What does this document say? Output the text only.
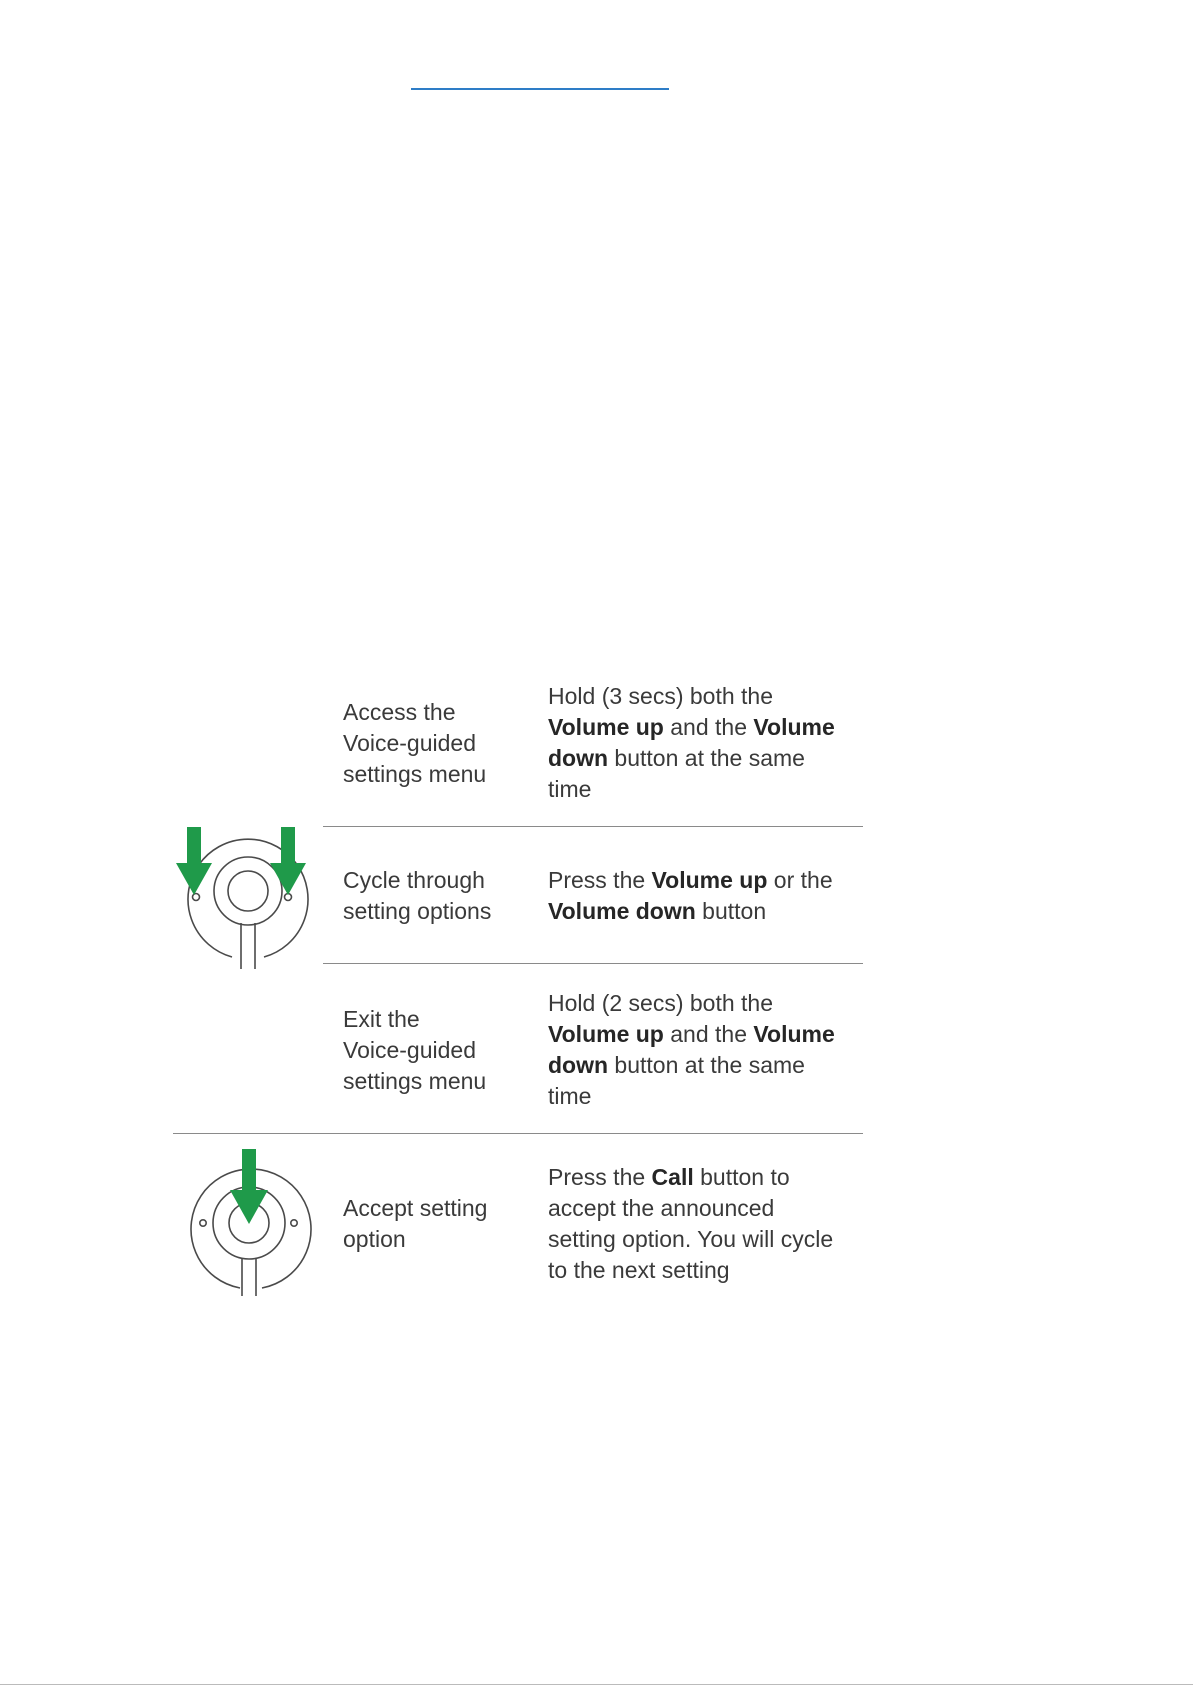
Access the
Voice-guided
settings menu
Hold (3 secs) both the Volume up and the Volume down button at the same time
Cycle through
setting options
Press the Volume up or the Volume down button
Exit the
Voice-guided
settings menu
Hold (2 secs) both the Volume up and the Volume down button at the same time
Accept setting
option
Press the Call button to accept the announced setting option. You will cycle to the next setting
